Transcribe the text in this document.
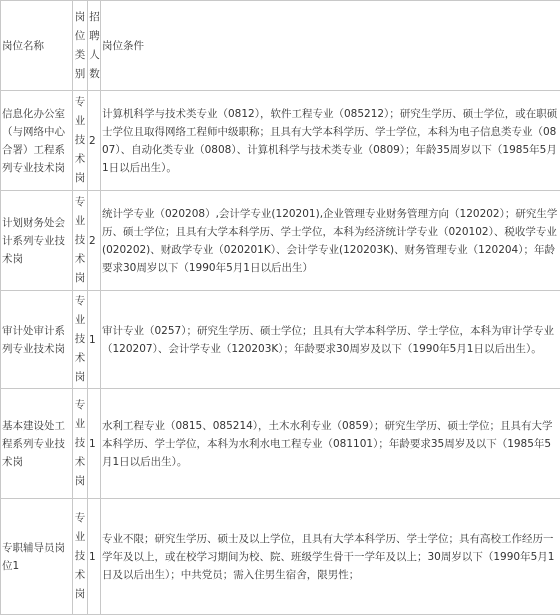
岗位名称	岗位类别	招聘人数	岗位条件
信息化办公室（与网络中心合署）工程系列专业技术岗	专业技术岗	2	计算机科学与技术类专业（0812），软件工程专业（085212）；研究生学历、硕士学位，或在职硕士学位且取得网络工程师中级职称；且具有大学本科学历、学士学位，本科为电子信息类专业（0807）、自动化类专业（0808）、计算机科学与技术类专业（0809）；年龄35周岁以下（1985年5月1日以后出生）。
计划财务处会计系列专业技术岗	专业技术岗	2	统计学专业（020208）,会计学专业(120201),企业管理专业财务管理方向（120202）；研究生学历、硕士学位；且具有大学本科学历、学士学位，本科为经济统计学专业（020102）、税收学专业(020202)、财政学专业（020201K）、会计学专业(120203K)、财务管理专业（120204）；年龄要求30周岁以下（1990年5月1日以后出生）
审计处审计系列专业技术岗	专业技术岗	1	审计专业（0257）；研究生学历、硕士学位；且具有大学本科学历、学士学位，本科为审计学专业（120207）、会计学专业（120203K）；年龄要求30周岁及以下（1990年5月1日以后出生）。
基本建设处工程系列专业技术岗	专业技术岗	1	水利工程专业（0815、085214），土木水利专业（0859）；研究生学历、硕士学位；且具有大学本科学历、学士学位，本科为水利水电工程专业（081101）；年龄要求35周岁及以下（1985年5月1日以后出生）。
专职辅导员岗位1	专业技术岗	1	专业不限；研究生学历、硕士及以上学位，且具有大学本科学历、学士学位；具有高校工作经历一学年及以上，或在校学习期间为校、院、班级学生骨干一学年及以上；30周岁以下（1990年5月1日及以后出生）；中共党员；需入住男生宿舍，限男性；
